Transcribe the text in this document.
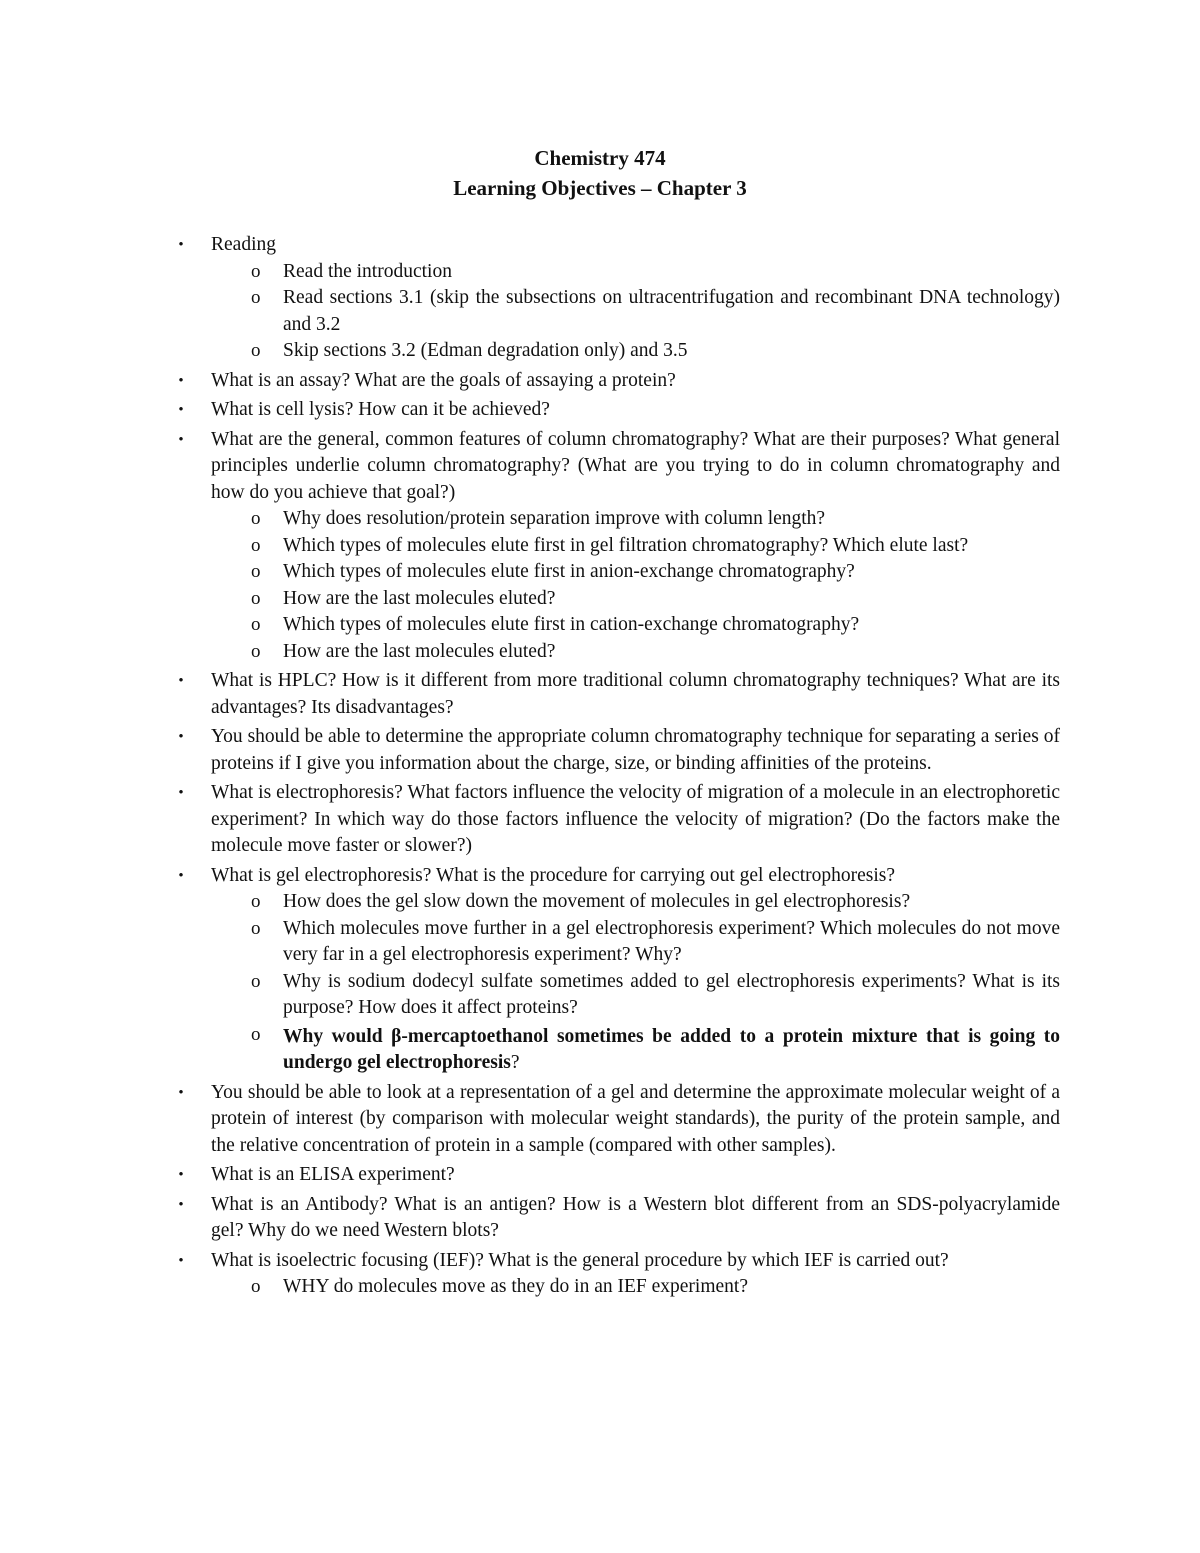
Chemistry 474
Learning Objectives – Chapter 3
• Reading
o Read the introduction
o Read sections 3.1 (skip the subsections on ultracentrifugation and recombinant DNA technology) and 3.2
o Skip sections 3.2 (Edman degradation only) and 3.5
• What is an assay? What are the goals of assaying a protein?
• What is cell lysis? How can it be achieved?
• What are the general, common features of column chromatography? What are their purposes? What general principles underlie column chromatography? (What are you trying to do in column chromatography and how do you achieve that goal?)
o Why does resolution/protein separation improve with column length?
o Which types of molecules elute first in gel filtration chromatography? Which elute last?
o Which types of molecules elute first in anion-exchange chromatography?
o How are the last molecules eluted?
o Which types of molecules elute first in cation-exchange chromatography?
o How are the last molecules eluted?
• What is HPLC? How is it different from more traditional column chromatography techniques? What are its advantages? Its disadvantages?
• You should be able to determine the appropriate column chromatography technique for separating a series of proteins if I give you information about the charge, size, or binding affinities of the proteins.
• What is electrophoresis? What factors influence the velocity of migration of a molecule in an electrophoretic experiment? In which way do those factors influence the velocity of migration? (Do the factors make the molecule move faster or slower?)
• What is gel electrophoresis? What is the procedure for carrying out gel electrophoresis?
o How does the gel slow down the movement of molecules in gel electrophoresis?
o Which molecules move further in a gel electrophoresis experiment? Which molecules do not move very far in a gel electrophoresis experiment? Why?
o Why is sodium dodecyl sulfate sometimes added to gel electrophoresis experiments? What is its purpose? How does it affect proteins?
o Why would β-mercaptoethanol sometimes be added to a protein mixture that is going to undergo gel electrophoresis?
• You should be able to look at a representation of a gel and determine the approximate molecular weight of a protein of interest (by comparison with molecular weight standards), the purity of the protein sample, and the relative concentration of protein in a sample (compared with other samples).
• What is an ELISA experiment?
• What is an Antibody? What is an antigen? How is a Western blot different from an SDS-polyacrylamide gel? Why do we need Western blots?
• What is isoelectric focusing (IEF)? What is the general procedure by which IEF is carried out?
o WHY do molecules move as they do in an IEF experiment?
